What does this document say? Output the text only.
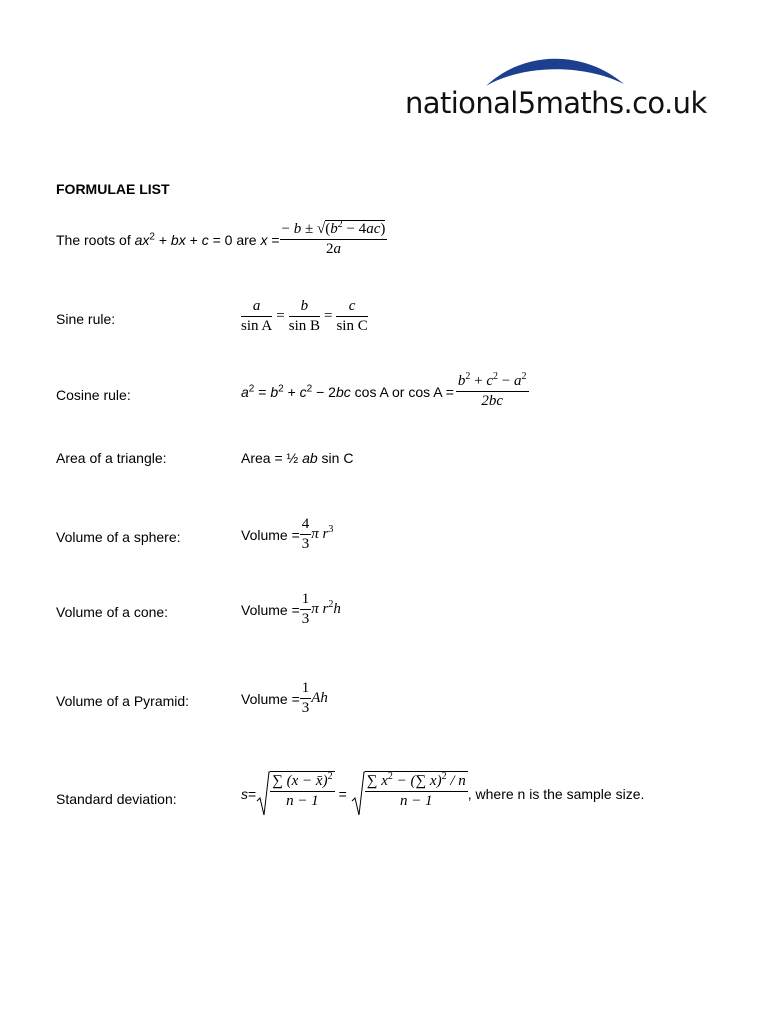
national5maths.co.uk
FORMULAE LIST
The roots of $ax^2$ + bx + c = 0 are $x = \frac{- b \pm √(b^2 - 4ac)}{2a}$
Sine rule:	$\frac{a}{\text{sin A}} = \frac{b}{\text{sin B}} = \frac{c}{\text{sin C}}$
Cosine rule:	$a^2 = b^2 + c^2 - 2bc$ cos A or $\cos A = \frac{b^2 + c^2 - a^2}{2bc}$
Area of a triangle:	Area = ½ ab sin C
Volume of a sphere:	Volume = $\frac{4}{3}$ π $r^3$
Volume of a cone:	Volume = $\frac{1}{3}$ π $r^2h$
Volume of a Pyramid:	Volume = $\frac{1}{3}$ Ah
Standard deviation:	$s = \frac{\sum (x - x̄)^2}{n - 1} = \frac{\sum x^2 - (\sum x)^2 / n}{n - 1}$ , where n is the sample size.
